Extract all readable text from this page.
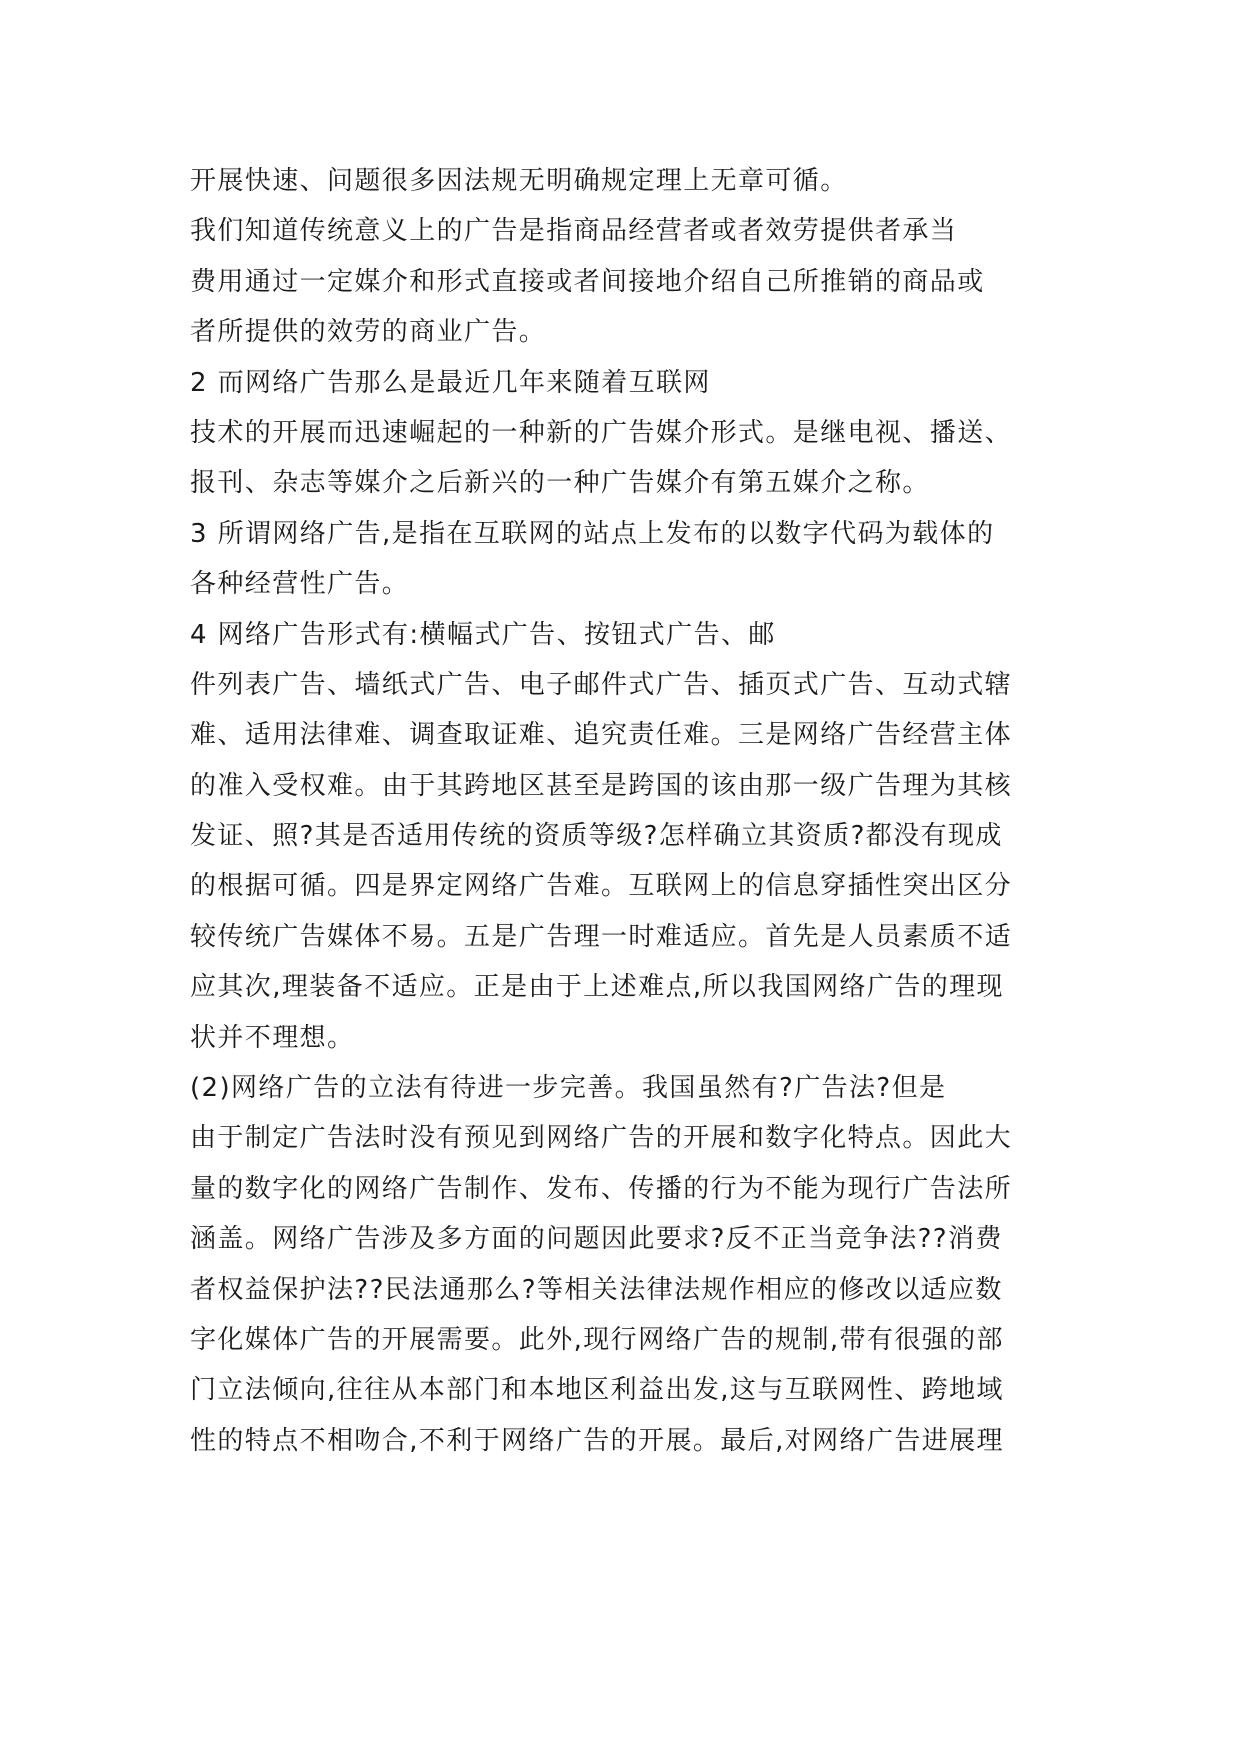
开展快速、问题很多因法规无明确规定理上无章可循。
我们知道传统意义上的广告是指商品经营者或者效劳提供者承当
费用通过一定媒介和形式直接或者间接地介绍自己所推销的商品或
者所提供的效劳的商业广告。
2 而网络广告那么是最近几年来随着互联网
技术的开展而迅速崛起的一种新的广告媒介形式。是继电视、播送、
报刊、杂志等媒介之后新兴的一种广告媒介有第五媒介之称。
3 所谓网络广告,是指在互联网的站点上发布的以数字代码为载体的
各种经营性广告。
4 网络广告形式有:横幅式广告、按钮式广告、邮
件列表广告、墙纸式广告、电子邮件式广告、插页式广告、互动式辖
难、适用法律难、调查取证难、追究责任难。三是网络广告经营主体
的准入受权难。由于其跨地区甚至是跨国的该由那一级广告理为其核
发证、照?其是否适用传统的资质等级?怎样确立其资质?都没有现成
的根据可循。四是界定网络广告难。互联网上的信息穿插性突出区分
较传统广告媒体不易。五是广告理一时难适应。首先是人员素质不适
应其次,理装备不适应。正是由于上述难点,所以我国网络广告的理现
状并不理想。
(2)网络广告的立法有待进一步完善。我国虽然有?广告法?但是
由于制定广告法时没有预见到网络广告的开展和数字化特点。因此大
量的数字化的网络广告制作、发布、传播的行为不能为现行广告法所
涵盖。网络广告涉及多方面的问题因此要求?反不正当竞争法??消费
者权益保护法??民法通那么?等相关法律法规作相应的修改以适应数
字化媒体广告的开展需要。此外,现行网络广告的规制,带有很强的部
门立法倾向,往往从本部门和本地区利益出发,这与互联网性、跨地域
性的特点不相吻合,不利于网络广告的开展。最后,对网络广告进展理
